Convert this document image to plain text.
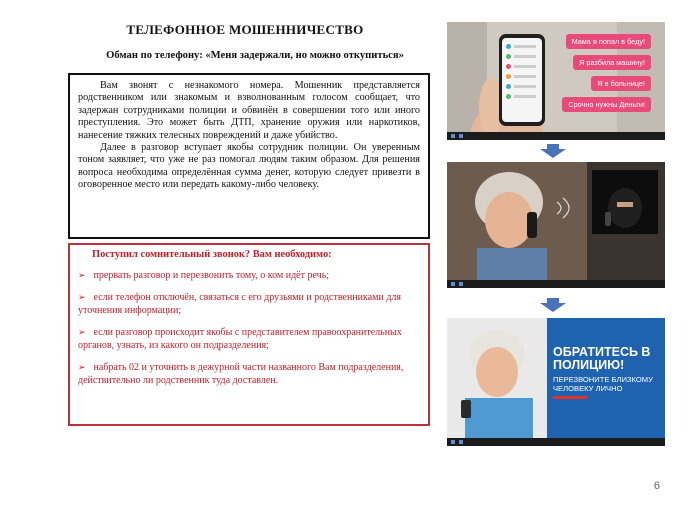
ТЕЛЕФОННОЕ МОШЕННИЧЕСТВО
Обман по телефону: «Меня задержали, но можно откупиться»

Вам звонят с незнакомого номера. Мошенник представляется родственником или знакомым и взволнованным голосом сообщает, что задержан сотрудниками полиции и обвинён в совершении того или иного преступления. Это может быть ДТП, хранение оружия или наркотиков, нанесение тяжких телесных повреждений и даже убийство.

Далее в разговор вступает якобы сотрудник полиции. Он уверенным тоном заявляет, что уже не раз помогал людям таким образом. Для решения вопроса необходима определённая сумма денег, которую следует привезти в оговоренное место или передать какому-либо человеку.

Поступил сомнительный звонок? Вам необходимо:
➢ прервать разговор и перезвонить тому, о ком идёт речь;
➢ если телефон отключён, связаться с его друзьями и родственниками для уточнения информации;
➢ если разговор происходит якобы с представителем правоохранительных органов, узнать, из какого он подразделения;
➢ набрать 02 и уточнить в дежурной части названного Вам подразделения, действительно ли родственник туда доставлен.
Мама я попал в беду!
Я разбила машину!
Я в больнице!
Срочно нужны Деньги!
ОБРАТИТЕСЬ В ПОЛИЦИЮ!
ПЕРЕЗВОНИТЕ БЛИЗКОМУ ЧЕЛОВЕКУ ЛИЧНО
6
